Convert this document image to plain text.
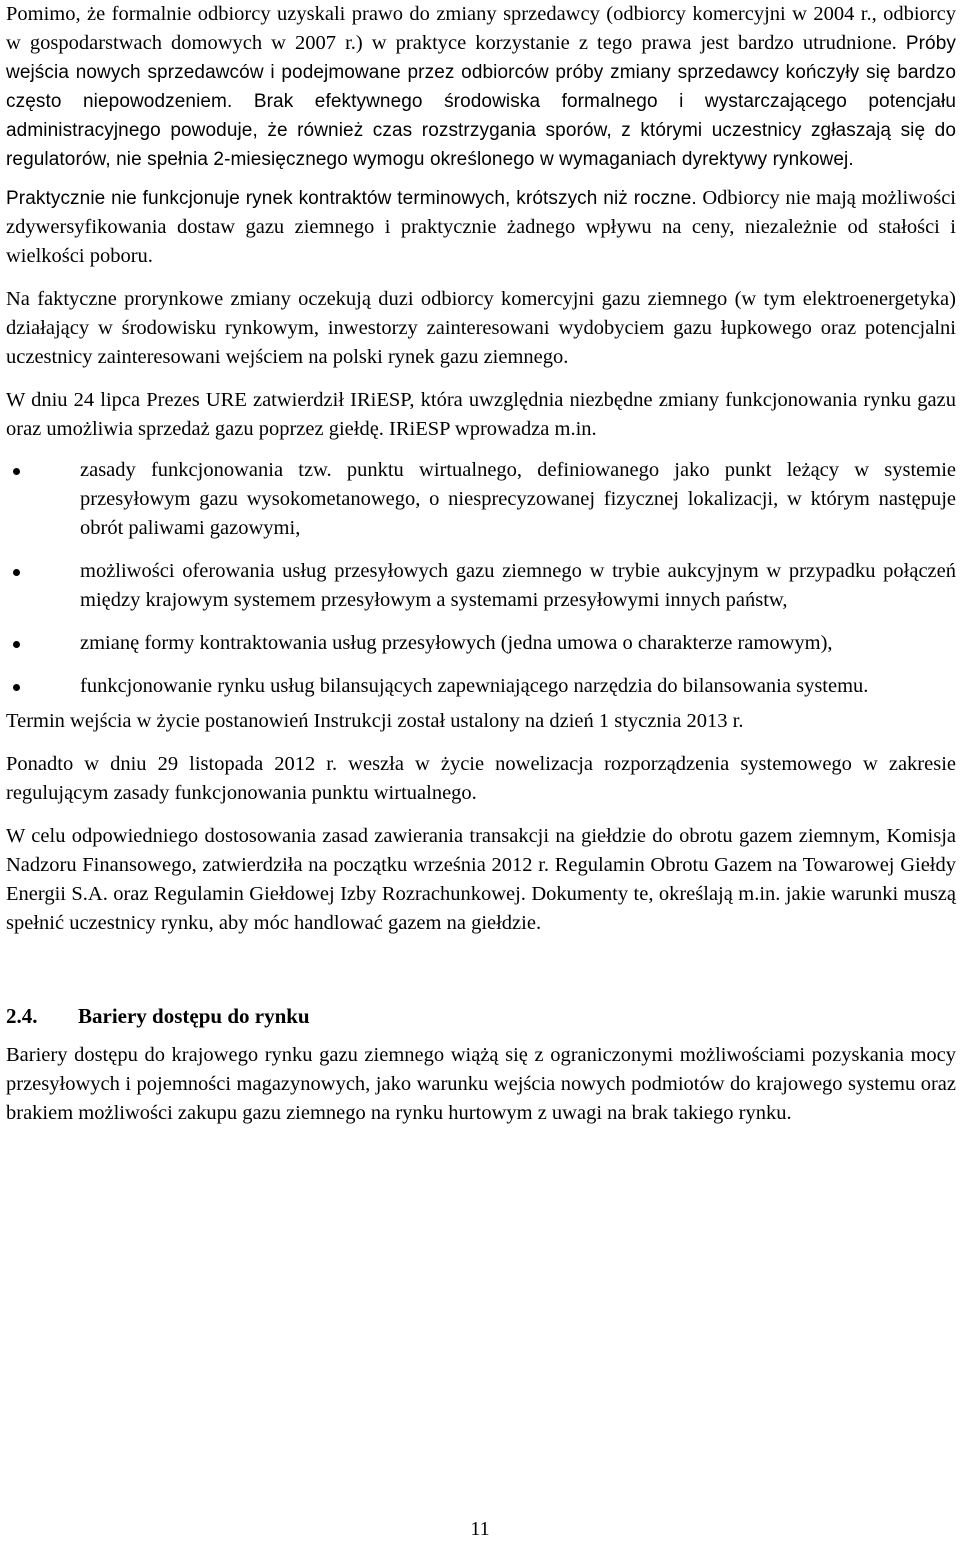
Pomimo, że formalnie odbiorcy uzyskali prawo do zmiany sprzedawcy (odbiorcy komercyjni w 2004 r., odbiorcy w gospodarstwach domowych w 2007 r.) w praktyce korzystanie z tego prawa jest bardzo utrudnione. Próby wejścia nowych sprzedawców i podejmowane przez odbiorców próby zmiany sprzedawcy kończyły się bardzo często niepowodzeniem. Brak efektywnego środowiska formalnego i wystarczającego potencjału administracyjnego powoduje, że również czas rozstrzygania sporów, z którymi uczestnicy zgłaszają się do regulatorów, nie spełnia 2-miesięcznego wymogu określonego w wymaganiach dyrektywy rynkowej.

Praktycznie nie funkcjonuje rynek kontraktów terminowych, krótszych niż roczne. Odbiorcy nie mają możliwości zdywersyfikowania dostaw gazu ziemnego i praktycznie żadnego wpływu na ceny, niezależnie od stałości i wielkości poboru.

Na faktyczne prorynkowe zmiany oczekują duzi odbiorcy komercyjni gazu ziemnego (w tym elektroenergetyka) działający w środowisku rynkowym, inwestorzy zainteresowani wydobyciem gazu łupkowego oraz potencjalni uczestnicy zainteresowani wejściem na polski rynek gazu ziemnego.

W dniu 24 lipca Prezes URE zatwierdził IRiESP, która uwzględnia niezbędne zmiany funkcjonowania rynku gazu oraz umożliwia sprzedaż gazu poprzez giełdę. IRiESP wprowadza m.in.

zasady funkcjonowania tzw. punktu wirtualnego, definiowanego jako punkt leżący w systemie przesyłowym gazu wysokometanowego, o niesprecyzowanej fizycznej lokalizacji, w którym następuje obrót paliwami gazowymi,
możliwości oferowania usług przesyłowych gazu ziemnego w trybie aukcyjnym w przypadku połączeń między krajowym systemem przesyłowym a systemami przesyłowymi innych państw,
zmianę formy kontraktowania usług przesyłowych (jedna umowa o charakterze ramowym),
funkcjonowanie rynku usług bilansujących zapewniającego narzędzia do bilansowania systemu.

Termin wejścia w życie postanowień Instrukcji został ustalony na dzień 1 stycznia 2013 r.

Ponadto w dniu 29 listopada 2012 r. weszła w życie nowelizacja rozporządzenia systemowego w zakresie regulującym zasady funkcjonowania punktu wirtualnego.

W celu odpowiedniego dostosowania zasad zawierania transakcji na giełdzie do obrotu gazem ziemnym, Komisja Nadzoru Finansowego, zatwierdziła na początku września 2012 r. Regulamin Obrotu Gazem na Towarowej Giełdy Energii S.A. oraz Regulamin Giełdowej Izby Rozrachunkowej. Dokumenty te, określają m.in. jakie warunki muszą spełnić uczestnicy rynku, aby móc handlować gazem na giełdzie.

2.4. Bariery dostępu do rynku

Bariery dostępu do krajowego rynku gazu ziemnego wiążą się z ograniczonymi możliwościami pozyskania mocy przesyłowych i pojemności magazynowych, jako warunku wejścia nowych podmiotów do krajowego systemu oraz brakiem możliwości zakupu gazu ziemnego na rynku hurtowym z uwagi na brak takiego rynku.

11
